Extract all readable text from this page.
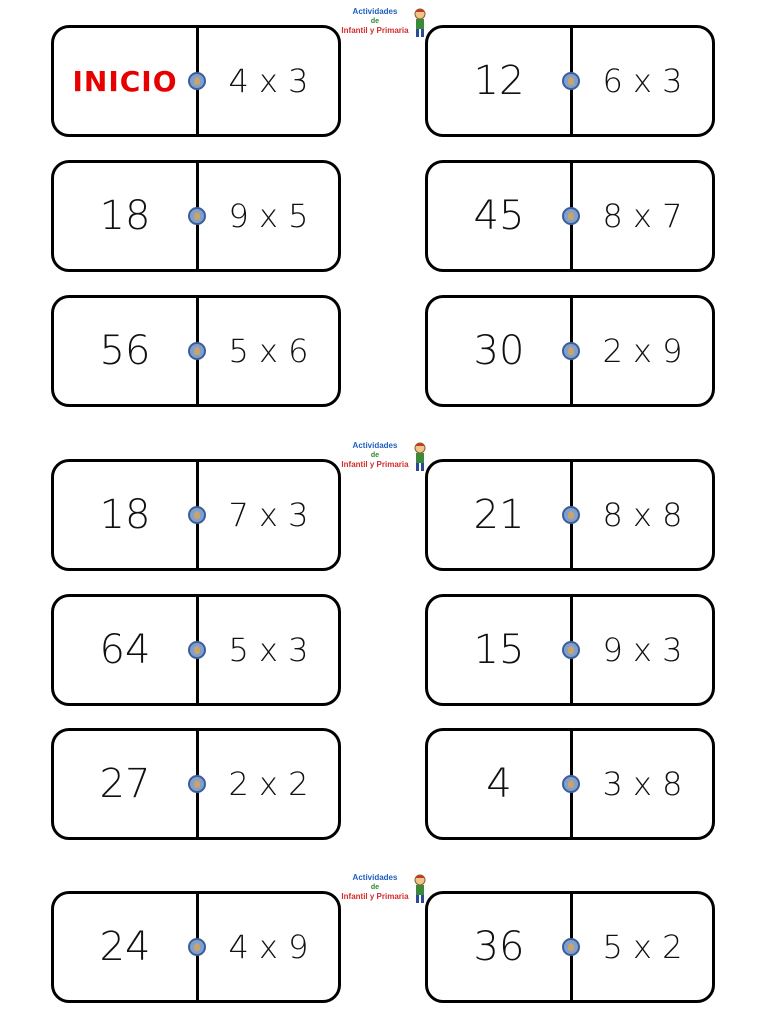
Actividades
de
Infantil y Primaria
Actividades
de
Infantil y Primaria
Actividades
de
Infantil y Primaria
INICIO	4 x 3	12	6 x 3
18	9 x 5	45	8 x 7
56	5 x 6	30	2 x 9
18	7 x 3	21	8 x 8
64	5 x 3	15	9 x 3
27	2 x 2	4	3 x 8
24	4 x 9	36	5 x 2
